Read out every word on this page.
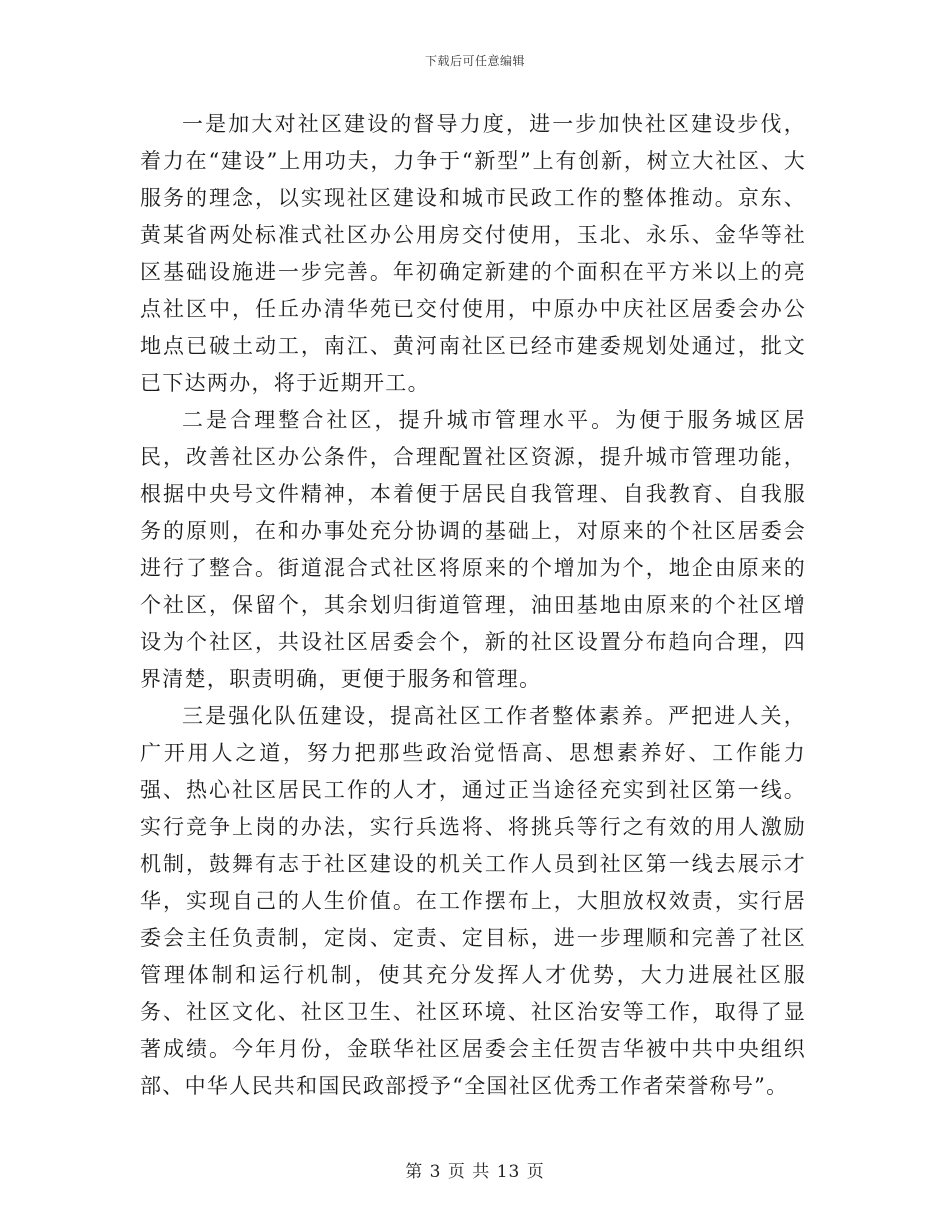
下载后可任意编辑

一是加大对社区建设的督导力度，进一步加快社区建设步伐，着力在“建设”上用功夫，力争于“新型”上有创新，树立大社区、大服务的理念，以实现社区建设和城市民政工作的整体推动。京东、黄某省两处标准式社区办公用房交付使用，玉北、永乐、金华等社区基础设施进一步完善。年初确定新建的个面积在平方米以上的亮点社区中，任丘办清华苑已交付使用，中原办中庆社区居委会办公地点已破土动工，南江、黄河南社区已经市建委规划处通过，批文已下达两办，将于近期开工。

二是合理整合社区，提升城市管理水平。为便于服务城区居民，改善社区办公条件，合理配置社区资源，提升城市管理功能，根据中央号文件精神，本着便于居民自我管理、自我教育、自我服务的原则，在和办事处充分协调的基础上，对原来的个社区居委会进行了整合。街道混合式社区将原来的个增加为个，地企由原来的个社区，保留个，其余划归街道管理，油田基地由原来的个社区增设为个社区，共设社区居委会个，新的社区设置分布趋向合理，四界清楚，职责明确，更便于服务和管理。

三是强化队伍建设，提高社区工作者整体素养。严把进人关，广开用人之道，努力把那些政治觉悟高、思想素养好、工作能力强、热心社区居民工作的人才，通过正当途径充实到社区第一线。实行竞争上岗的办法，实行兵选将、将挑兵等行之有效的用人激励机制，鼓舞有志于社区建设的机关工作人员到社区第一线去展示才华，实现自己的人生价值。在工作摆布上，大胆放权效责，实行居委会主任负责制，定岗、定责、定目标，进一步理顺和完善了社区管理体制和运行机制，使其充分发挥人才优势，大力进展社区服务、社区文化、社区卫生、社区环境、社区治安等工作，取得了显著成绩。今年月份，金联华社区居委会主任贺吉华被中共中央组织部、中华人民共和国民政部授予“全国社区优秀工作者荣誉称号”。

第 3 页 共 13 页
